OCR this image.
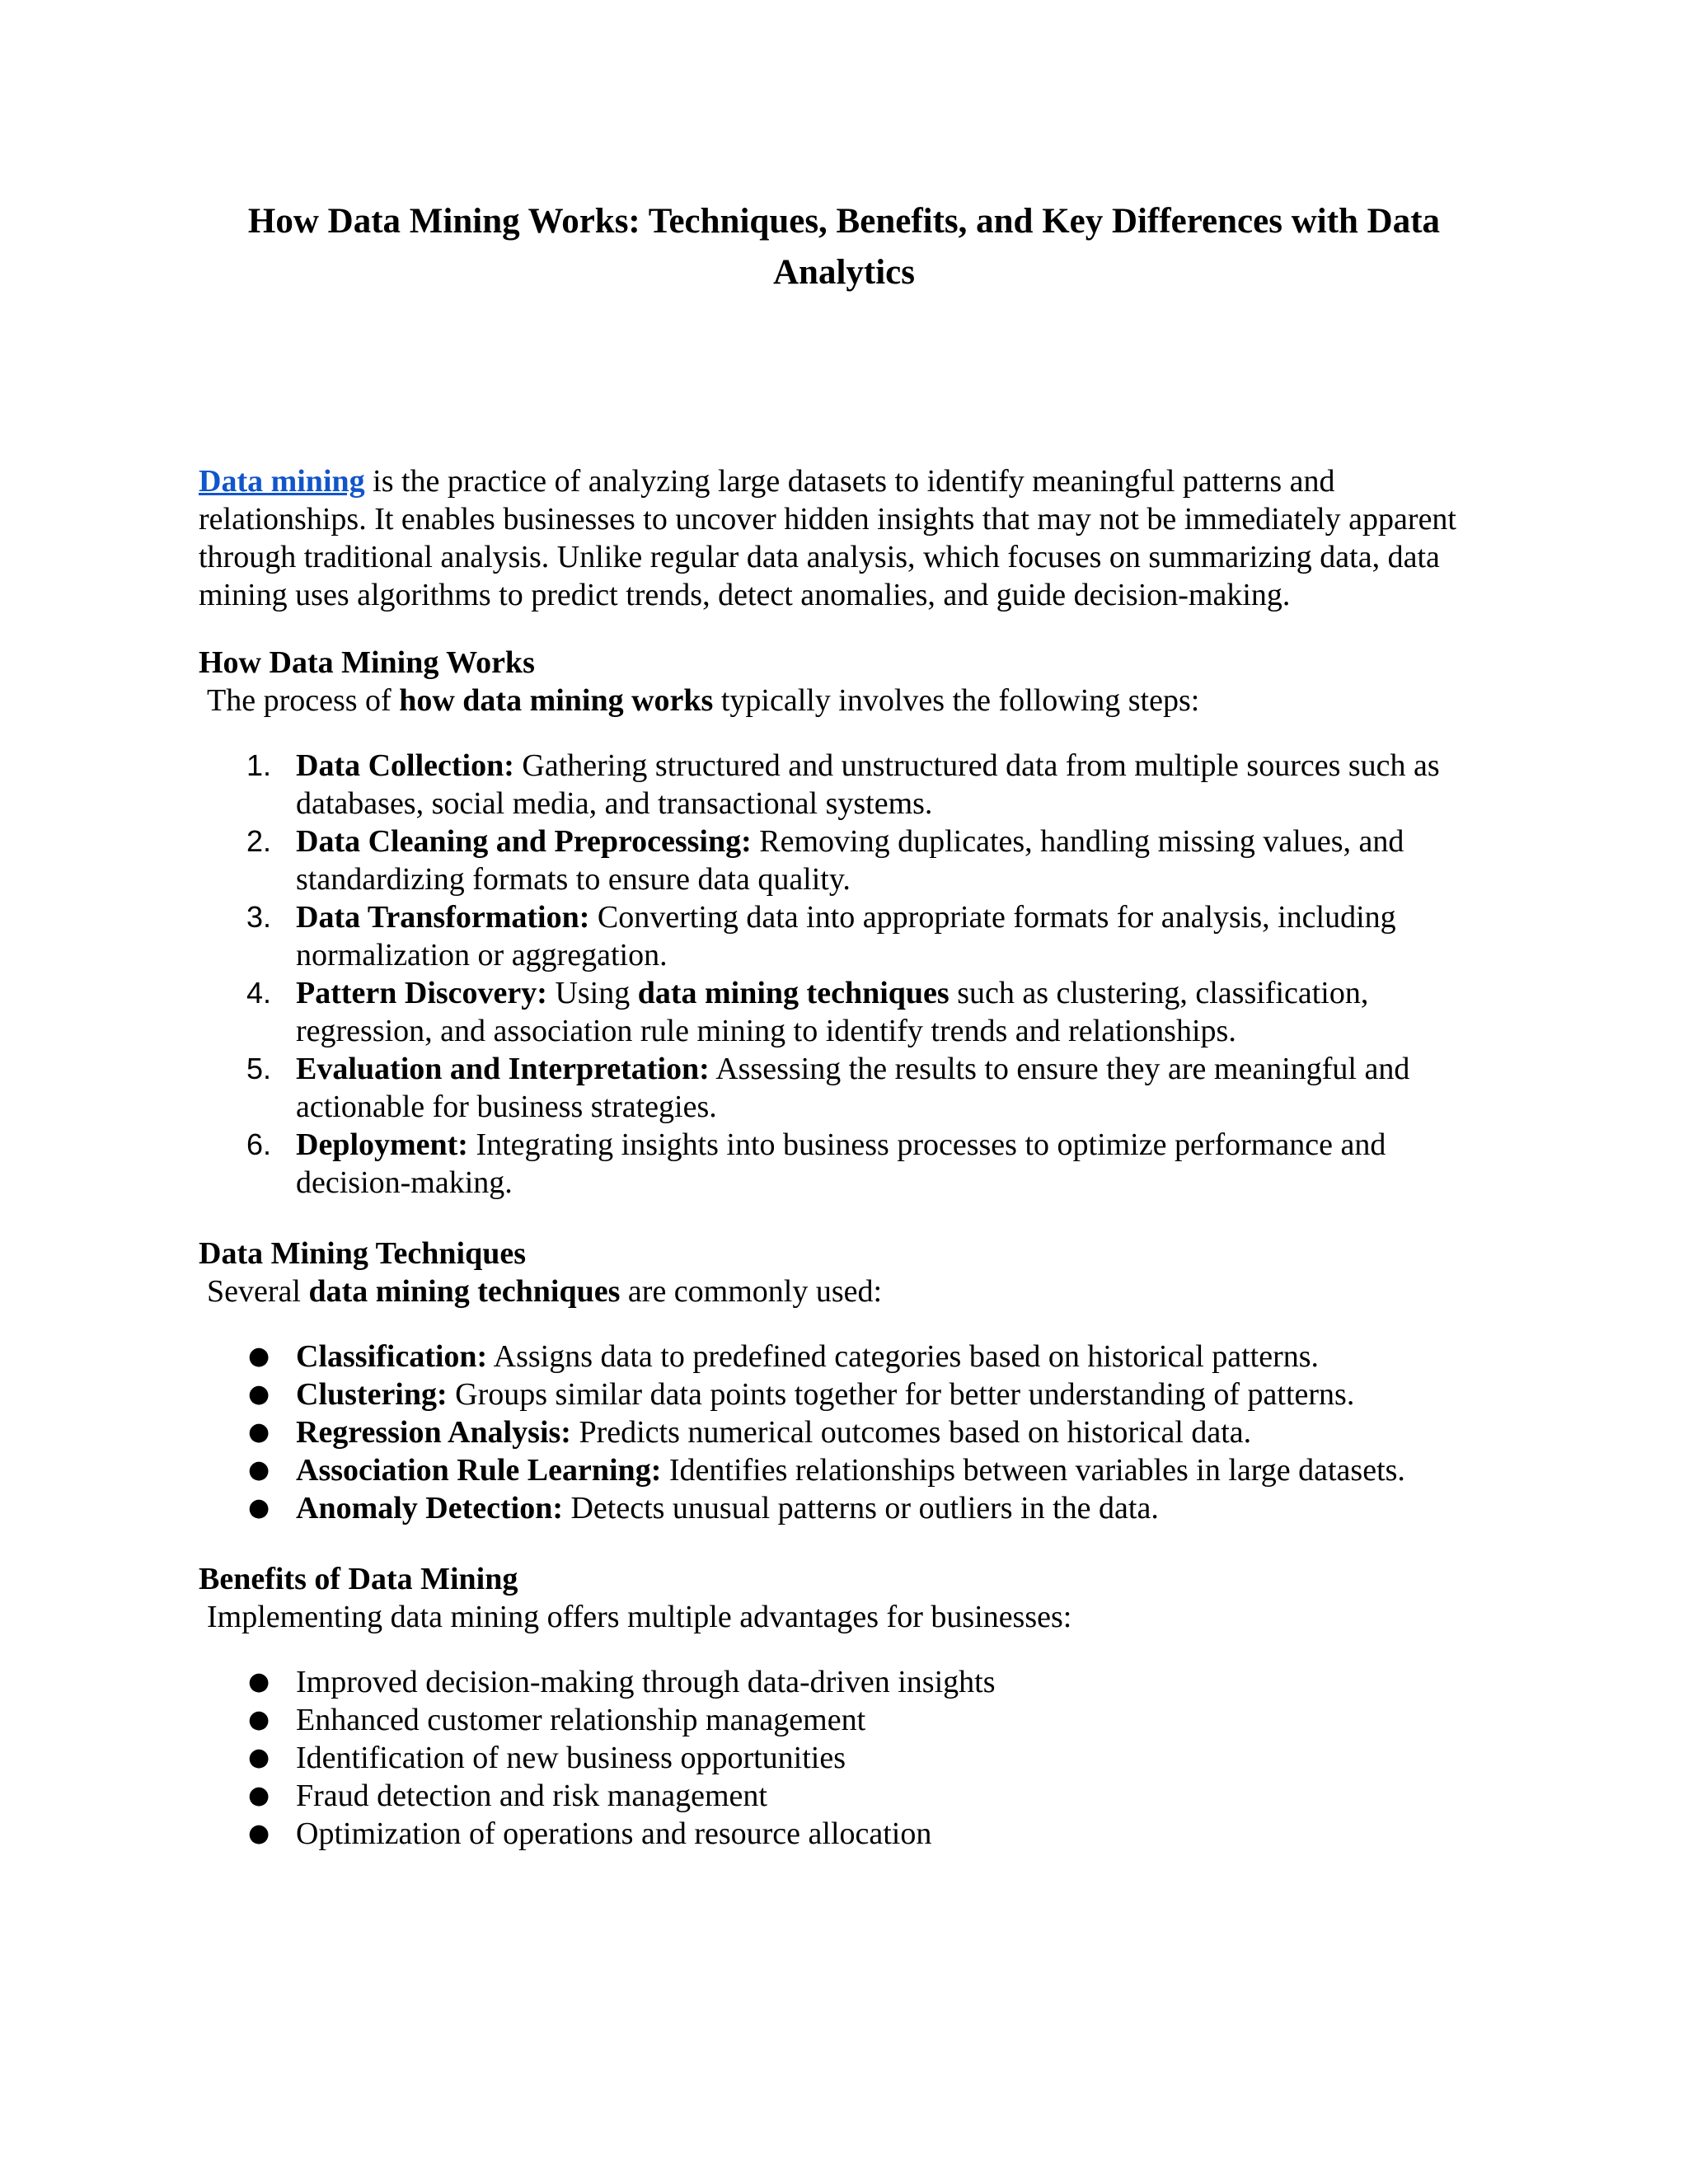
How Data Mining Works: Techniques, Benefits, and Key Differences with Data Analytics

Data mining is the practice of analyzing large datasets to identify meaningful patterns and relationships. It enables businesses to uncover hidden insights that may not be immediately apparent through traditional analysis. Unlike regular data analysis, which focuses on summarizing data, data mining uses algorithms to predict trends, detect anomalies, and guide decision-making.

How Data Mining Works

The process of how data mining works typically involves the following steps:

1. Data Collection: Gathering structured and unstructured data from multiple sources such as databases, social media, and transactional systems.
2. Data Cleaning and Preprocessing: Removing duplicates, handling missing values, and standardizing formats to ensure data quality.
3. Data Transformation: Converting data into appropriate formats for analysis, including normalization or aggregation.
4. Pattern Discovery: Using data mining techniques such as clustering, classification, regression, and association rule mining to identify trends and relationships.
5. Evaluation and Interpretation: Assessing the results to ensure they are meaningful and actionable for business strategies.
6. Deployment: Integrating insights into business processes to optimize performance and decision-making.

Data Mining Techniques

Several data mining techniques are commonly used:

● Classification: Assigns data to predefined categories based on historical patterns.
● Clustering: Groups similar data points together for better understanding of patterns.
● Regression Analysis: Predicts numerical outcomes based on historical data.
● Association Rule Learning: Identifies relationships between variables in large datasets.
● Anomaly Detection: Detects unusual patterns or outliers in the data.

Benefits of Data Mining

Implementing data mining offers multiple advantages for businesses:

● Improved decision-making through data-driven insights
● Enhanced customer relationship management
● Identification of new business opportunities
● Fraud detection and risk management
● Optimization of operations and resource allocation
